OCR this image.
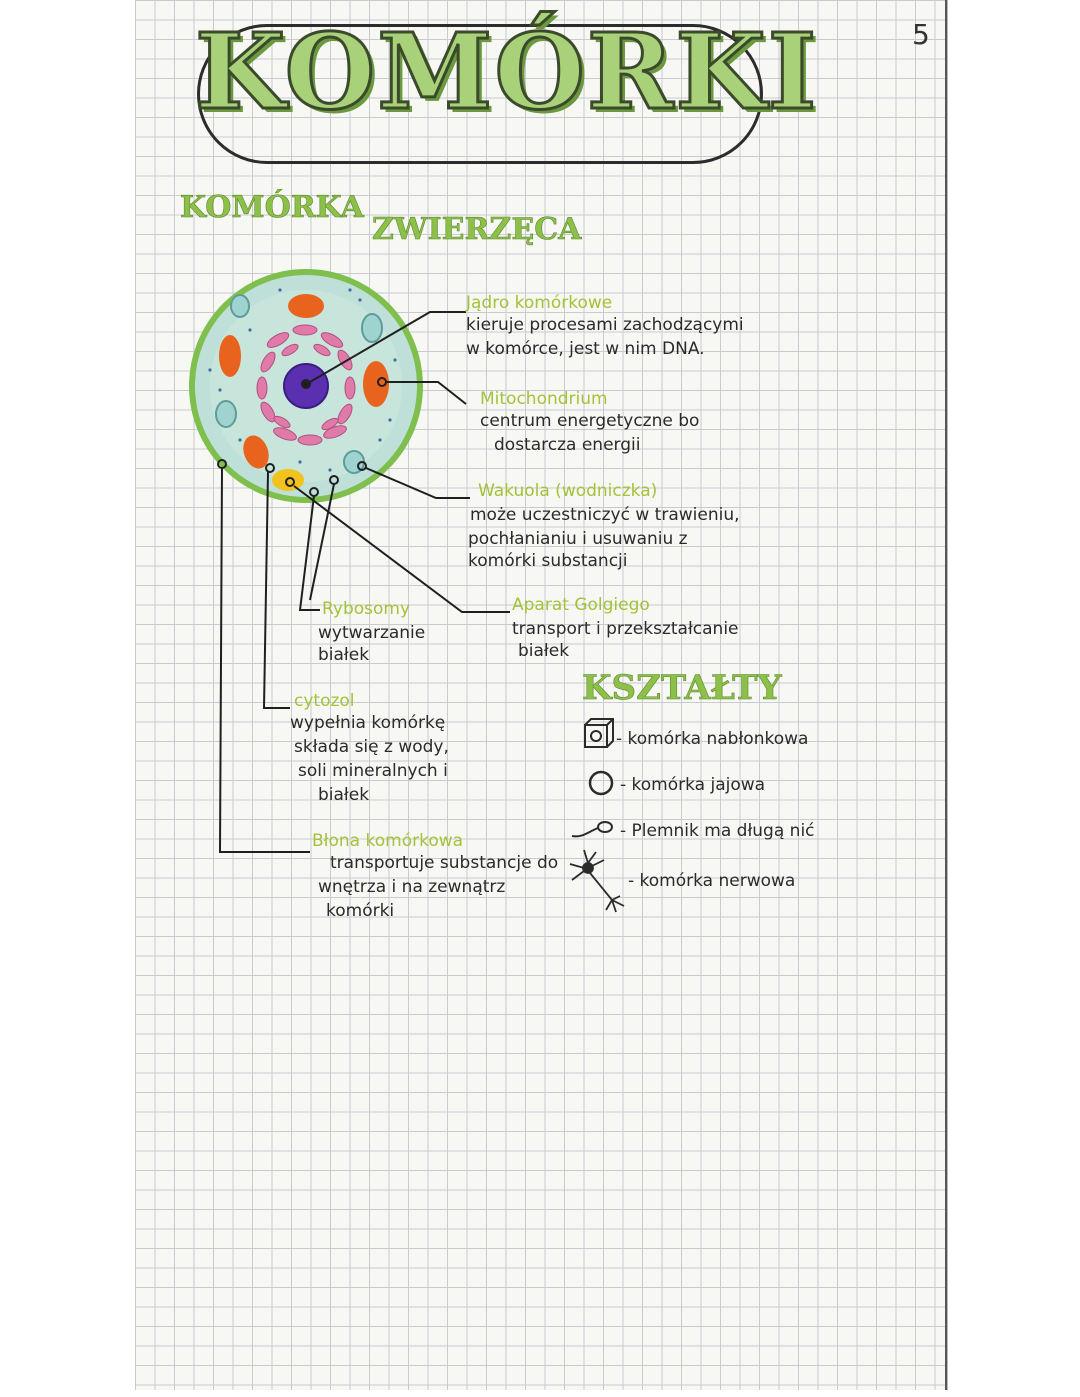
5
KOMÓRKI
KOMÓRKA
ZWIERZĘCA
Jądro komórkowe
kieruje procesami zachodzącymi
w komórce, jest w nim DNA.
Mitochondrium
centrum energetyczne bo
dostarcza energii
Wakuola (wodniczka)
może uczestniczyć w trawieniu,
pochłanianiu i usuwaniu z
komórki substancji
Rybosomy
wytwarzanie
białek
Aparat Golgiego
transport i przekształcanie
białek
cytozol
wypełnia komórkę
składa się z wody,
soli mineralnych i
białek
Błona komórkowa
transportuje substancje do
wnętrza i na zewnątrz
komórki
KSZTAŁTY
- komórka nabłonkowa
- komórka jajowa
- Plemnik ma długą nić
- komórka nerwowa
